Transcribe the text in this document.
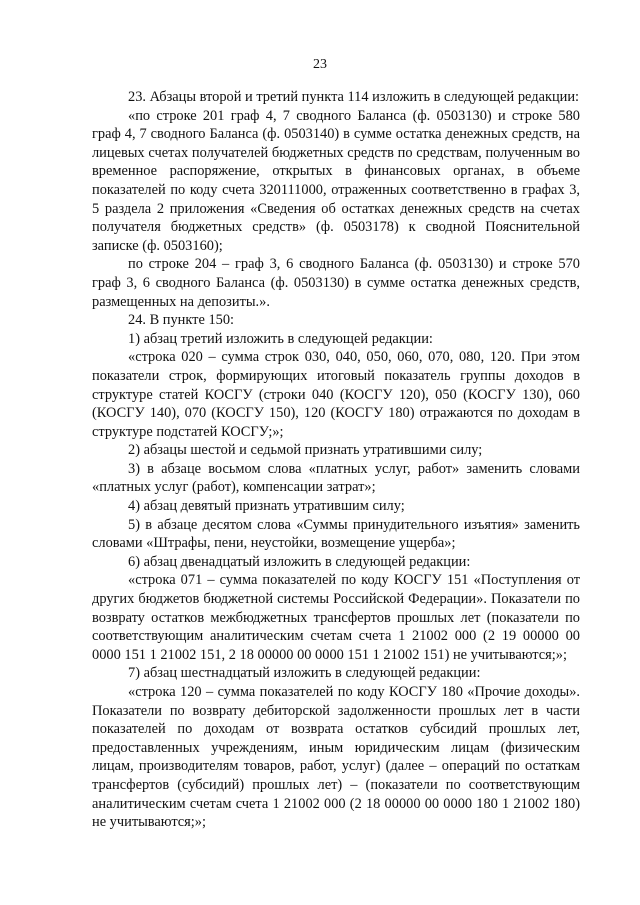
23

23. Абзацы второй и третий пункта 114 изложить в следующей редакции:

«по строке 201 граф 4, 7 сводного Баланса (ф. 0503130) и строке 580 граф 4, 7 сводного Баланса (ф. 0503140) в сумме остатка денежных средств, на лицевых счетах получателей бюджетных средств по средствам, полученным во временное распоряжение, открытых в финансовых органах, в объеме показателей по коду счета 320111000, отраженных соответственно в графах 3, 5 раздела 2 приложения «Сведения об остатках денежных средств на счетах получателя бюджетных средств» (ф. 0503178) к сводной Пояснительной записке (ф. 0503160);

по строке 204 – граф 3, 6 сводного Баланса (ф. 0503130) и строке 570 граф 3, 6 сводного Баланса (ф. 0503130) в сумме остатка денежных средств, размещенных на депозиты.».

24. В пункте 150:

1) абзац третий изложить в следующей редакции:

«строка 020 – сумма строк 030, 040, 050, 060, 070, 080, 120. При этом показатели строк, формирующих итоговый показатель группы доходов в структуре статей КОСГУ (строки 040 (КОСГУ 120), 050 (КОСГУ 130), 060 (КОСГУ 140), 070 (КОСГУ 150), 120 (КОСГУ 180) отражаются по доходам в структуре подстатей КОСГУ;»;

2) абзацы шестой и седьмой признать утратившими силу;

3) в абзаце восьмом слова «платных услуг, работ» заменить словами «платных услуг (работ), компенсации затрат»;

4) абзац девятый признать утратившим силу;

5) в абзаце десятом слова «Суммы принудительного изъятия» заменить словами «Штрафы, пени, неустойки, возмещение ущерба»;

6) абзац двенадцатый изложить в следующей редакции:

«строка 071 – сумма показателей по коду КОСГУ 151 «Поступления от других бюджетов бюджетной системы Российской Федерации». Показатели по возврату остатков межбюджетных трансфертов прошлых лет (показатели по соответствующим аналитическим счетам счета 1 21002 000 (2 19 00000 00 0000 151 1 21002 151, 2 18 00000 00 0000 151 1 21002 151) не учитываются;»;

7) абзац шестнадцатый изложить в следующей редакции:

«строка 120 – сумма показателей по коду КОСГУ 180 «Прочие доходы». Показатели по возврату дебиторской задолженности прошлых лет в части показателей по доходам от возврата остатков субсидий прошлых лет, предоставленных учреждениям, иным юридическим лицам (физическим лицам, производителям товаров, работ, услуг) (далее – операций по остаткам трансфертов (субсидий) прошлых лет) – (показатели по соответствующим аналитическим счетам счета 1 21002 000 (2 18 00000 00 0000 180 1 21002 180) не учитываются;»;
